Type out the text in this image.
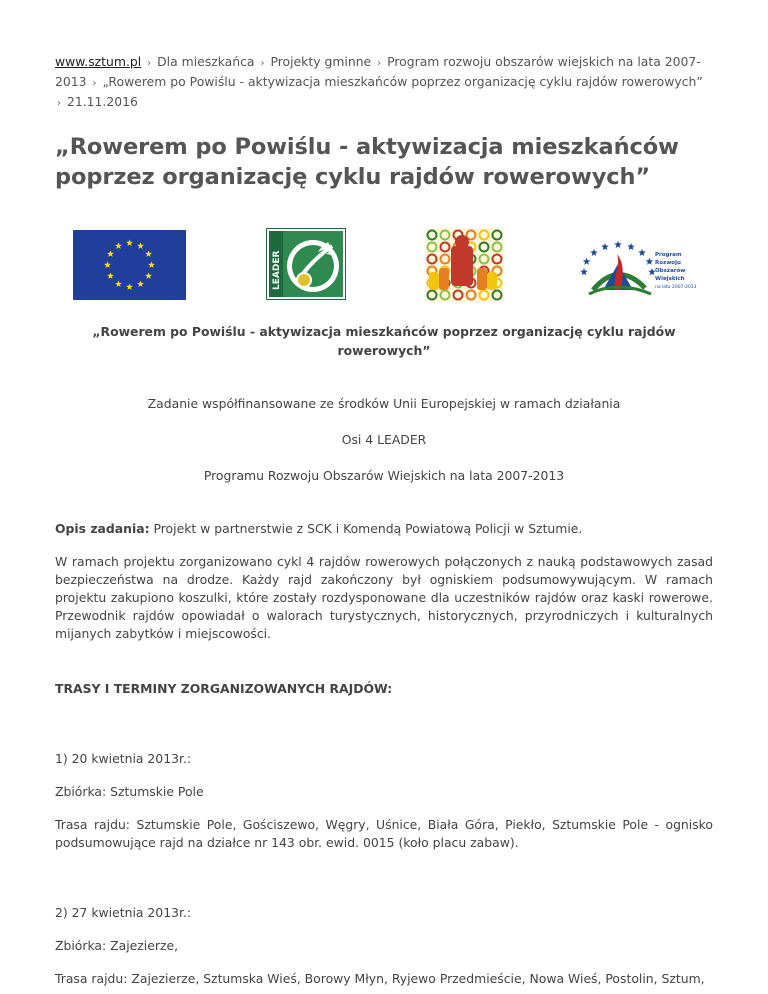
www.sztum.pl › Dla mieszkańca › Projekty gminne › Program rozwoju obszarów wiejskich na lata 2007-2013 › „Rowerem po Powiślu - aktywizacja mieszkańców poprzez organizację cyklu rajdów rowerowych” › 21.11.2016
„Rowerem po Powiślu - aktywizacja mieszkańców poprzez organizację cyklu rajdów rowerowych”
LEADER	Program
Rozwoju
Obszarów
Wiejskich
na lata 2007-2013
„Rowerem po Powiślu - aktywizacja mieszkańców poprzez organizację cyklu rajdów rowerowych”
Zadanie współfinansowane ze środków Unii Europejskiej w ramach działania
Osi 4 LEADER
Programu Rozwoju Obszarów Wiejskich na lata 2007-2013

Opis zadania: Projekt w partnerstwie z SCK i Komendą Powiatową Policji w Sztumie.

W ramach projektu zorganizowano cykl 4 rajdów rowerowych połączonych z nauką podstawowych zasad bezpieczeństwa na drodze. Każdy rajd zakończony był ogniskiem podsumowywującym. W ramach projektu zakupiono koszulki, które zostały rozdysponowane dla uczestników rajdów oraz kaski rowerowe. Przewodnik rajdów opowiadał o walorach turystycznych, historycznych, przyrodniczych i kulturalnych mijanych zabytków i miejscowości.

TRASY I TERMINY ZORGANIZOWANYCH RAJDÓW:

1) 20 kwietnia 2013r.:

Zbiórka: Sztumskie Pole

Trasa rajdu: Sztumskie Pole, Gościszewo, Węgry, Uśnice, Biała Góra, Piekło, Sztumskie Pole - ognisko podsumowujące rajd na działce nr 143 obr. ewid. 0015 (koło placu zabaw).

2) 27 kwietnia 2013r.:

Zbiórka: Zajezierze,

Trasa rajdu: Zajezierze, Sztumska Wieś, Borowy Młyn, Ryjewo Przedmieście, Nowa Wieś, Postolin, Sztum,
